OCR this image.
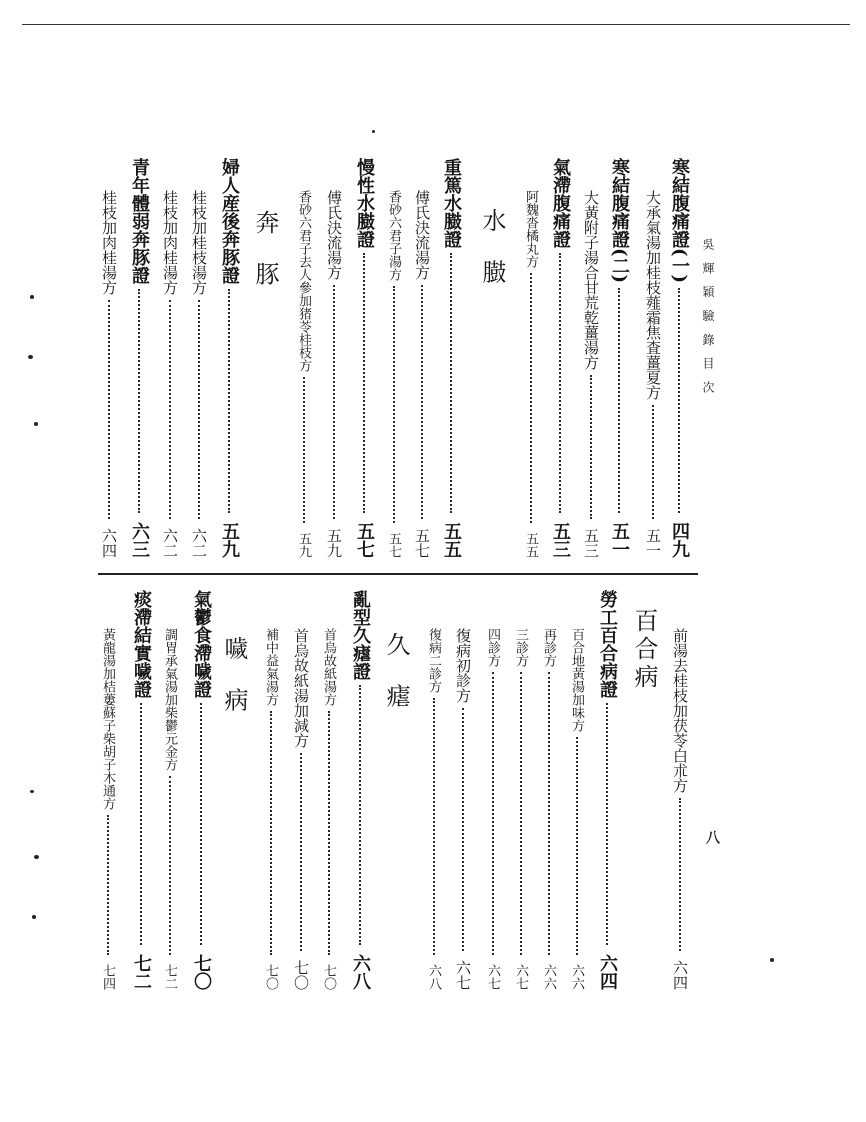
吳 輝 穎 驗 錄 目 次
八
寒結腹痛證(一)
四九
大承氣湯加桂枝薤霜焦査薑夏方
五一
寒結腹痛證(二)
五一
大黃附子湯合甘荒乾薑湯方
五三
氣滯腹痛證
五三
阿魏沓橘丸方
五五
水 臌
重篤水臌證
五五
傅氏決流湯方
五七
香砂六君子湯方
五七
慢性水臌證
五七
傅氏決流湯方
五九
香砂六君子去人參加猪苓桂枝方
五九
奔 豚
婦人産後奔豚證
五九
桂枝加桂枝湯方
六二
桂枝加肉桂湯方
六二
青年體弱奔豚證
六三
桂枝加肉桂湯方
六四
前湯去桂枝加茯苓白朮方
六四
百合病
勞工百合病證
六四
百合地黃湯加味方
六六
再診方
六六
三診方
六七
四診方
六七
復病初診方
六七
復病二診方
六八
久 瘧
亂型久瘧證
六八
首烏故紙湯方
七〇
首烏故紙湯加減方
七〇
補中益氣湯方
七〇
噦 病
氣鬱食滯噦證
七〇
調胃承氣湯加柴鬱元金方
七二
痰滯結實噦證
七二
黃龍湯加桔蔞蘇子柴胡子木通方
七四
